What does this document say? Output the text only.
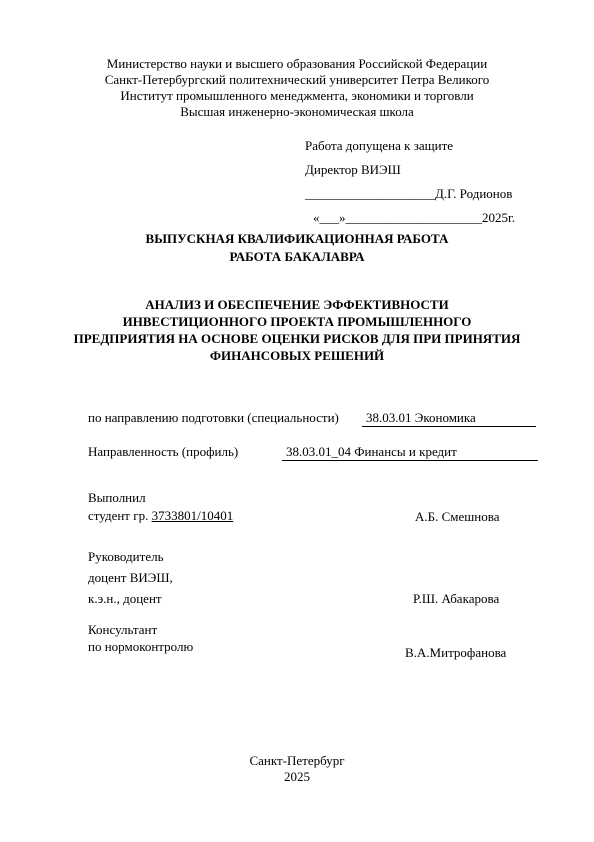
Министерство науки и высшего образования Российской Федерации
Санкт-Петербургский политехнический университет Петра Великого
Институт промышленного менеджмента, экономики и торговли
Высшая инженерно-экономическая школа
Работа допущена к защите
Директор ВИЭШ
____________________Д.Г. Родионов
«___»_____________________2025г.
ВЫПУСКНАЯ КВАЛИФИКАЦИОННАЯ РАБОТА
РАБОТА БАКАЛАВРА
АНАЛИЗ И ОБЕСПЕЧЕНИЕ ЭФФЕКТИВНОСТИ
ИНВЕСТИЦИОННОГО ПРОЕКТА ПРОМЫШЛЕННОГО
ПРЕДПРИЯТИЯ НА ОСНОВЕ ОЦЕНКИ РИСКОВ ДЛЯ ПРИ ПРИНЯТИЯ
ФИНАНСОВЫХ РЕШЕНИЙ
по направлению подготовки (специальности)	38.03.01 Экономика
Направленность (профиль)	38.03.01_04 Финансы и кредит
Выполнил
студент гр. 3733801/10401	А.Б. Смешнова
Руководитель
доцент ВИЭШ,
к.э.н., доцент	Р.Ш. Абакарова
Консультант
по нормоконтролю	В.А.Митрофанова
Санкт-Петербург
2025
